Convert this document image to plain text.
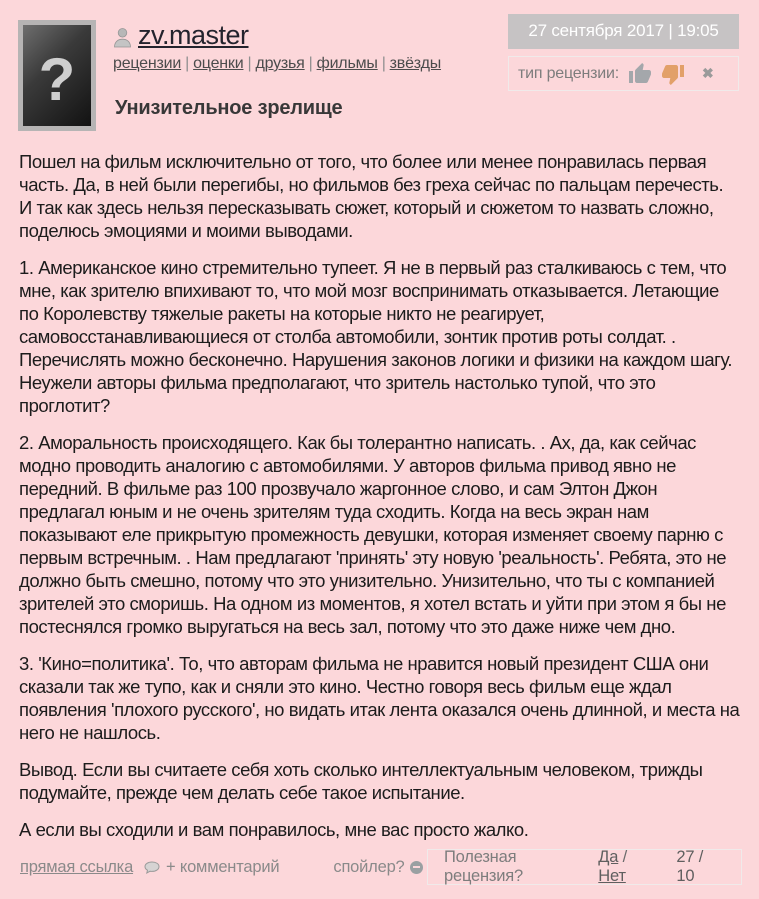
?
zv.master
рецензии | оценки | друзья | фильмы | звёзды
27 сентября 2017 | 19:05
тип рецензии:	✖
Унизительное зрелище

Пошел на фильм исключительно от того, что более или менее понравилась первая часть. Да, в ней были перегибы, но фильмов без греха сейчас по пальцам перечесть. И так как здесь нельзя пересказывать сюжет, который и сюжетом то назвать сложно, поделюсь эмоциями и моими выводами.

1. Американское кино стремительно тупеет. Я не в первый раз сталкиваюсь с тем, что мне, как зрителю впихивают то, что мой мозг воспринимать отказывается. Летающие по Королевству тяжелые ракеты на которые никто не реагирует, самовосстанавливающиеся от столба автомобили, зонтик против роты солдат. . Перечислять можно бесконечно. Нарушения законов логики и физики на каждом шагу. Неужели авторы фильма предполагают, что зритель настолько тупой, что это проглотит?

2. Аморальность происходящего. Как бы толерантно написать. . Ах, да, как сейчас модно проводить аналогию с автомобилями. У авторов фильма привод явно не передний. В фильме раз 100 прозвучало жаргонное слово, и сам Элтон Джон предлагал юным и не очень зрителям туда сходить. Когда на весь экран нам показывают еле прикрытую промежность девушки, которая изменяет своему парню с первым встречным. . Нам предлагают 'принять' эту новую 'реальность'. Ребята, это не должно быть смешно, потому что это унизительно. Унизительно, что ты с компанией зрителей это сморишь. На одном из моментов, я хотел встать и уйти при этом я бы не постеснялся громко выругаться на весь зал, потому что это даже ниже чем дно.

3. 'Кино=политика'. То, что авторам фильма не нравится новый президент США они сказали так же тупо, как и сняли это кино. Честно говоря весь фильм еще ждал появления 'плохого русского', но видать итак лента оказался очень длинной, и места на него не нашлось.

Вывод. Если вы считаете себя хоть сколько интеллектуальным человеком, трижды подумайте, прежде чем делать себе такое испытание.

А если вы сходили и вам понравилось, мне вас просто жалко.

прямая ссылка + комментарий	спойлер?
Полезная рецензия?
Да / Нет
27 / 10
